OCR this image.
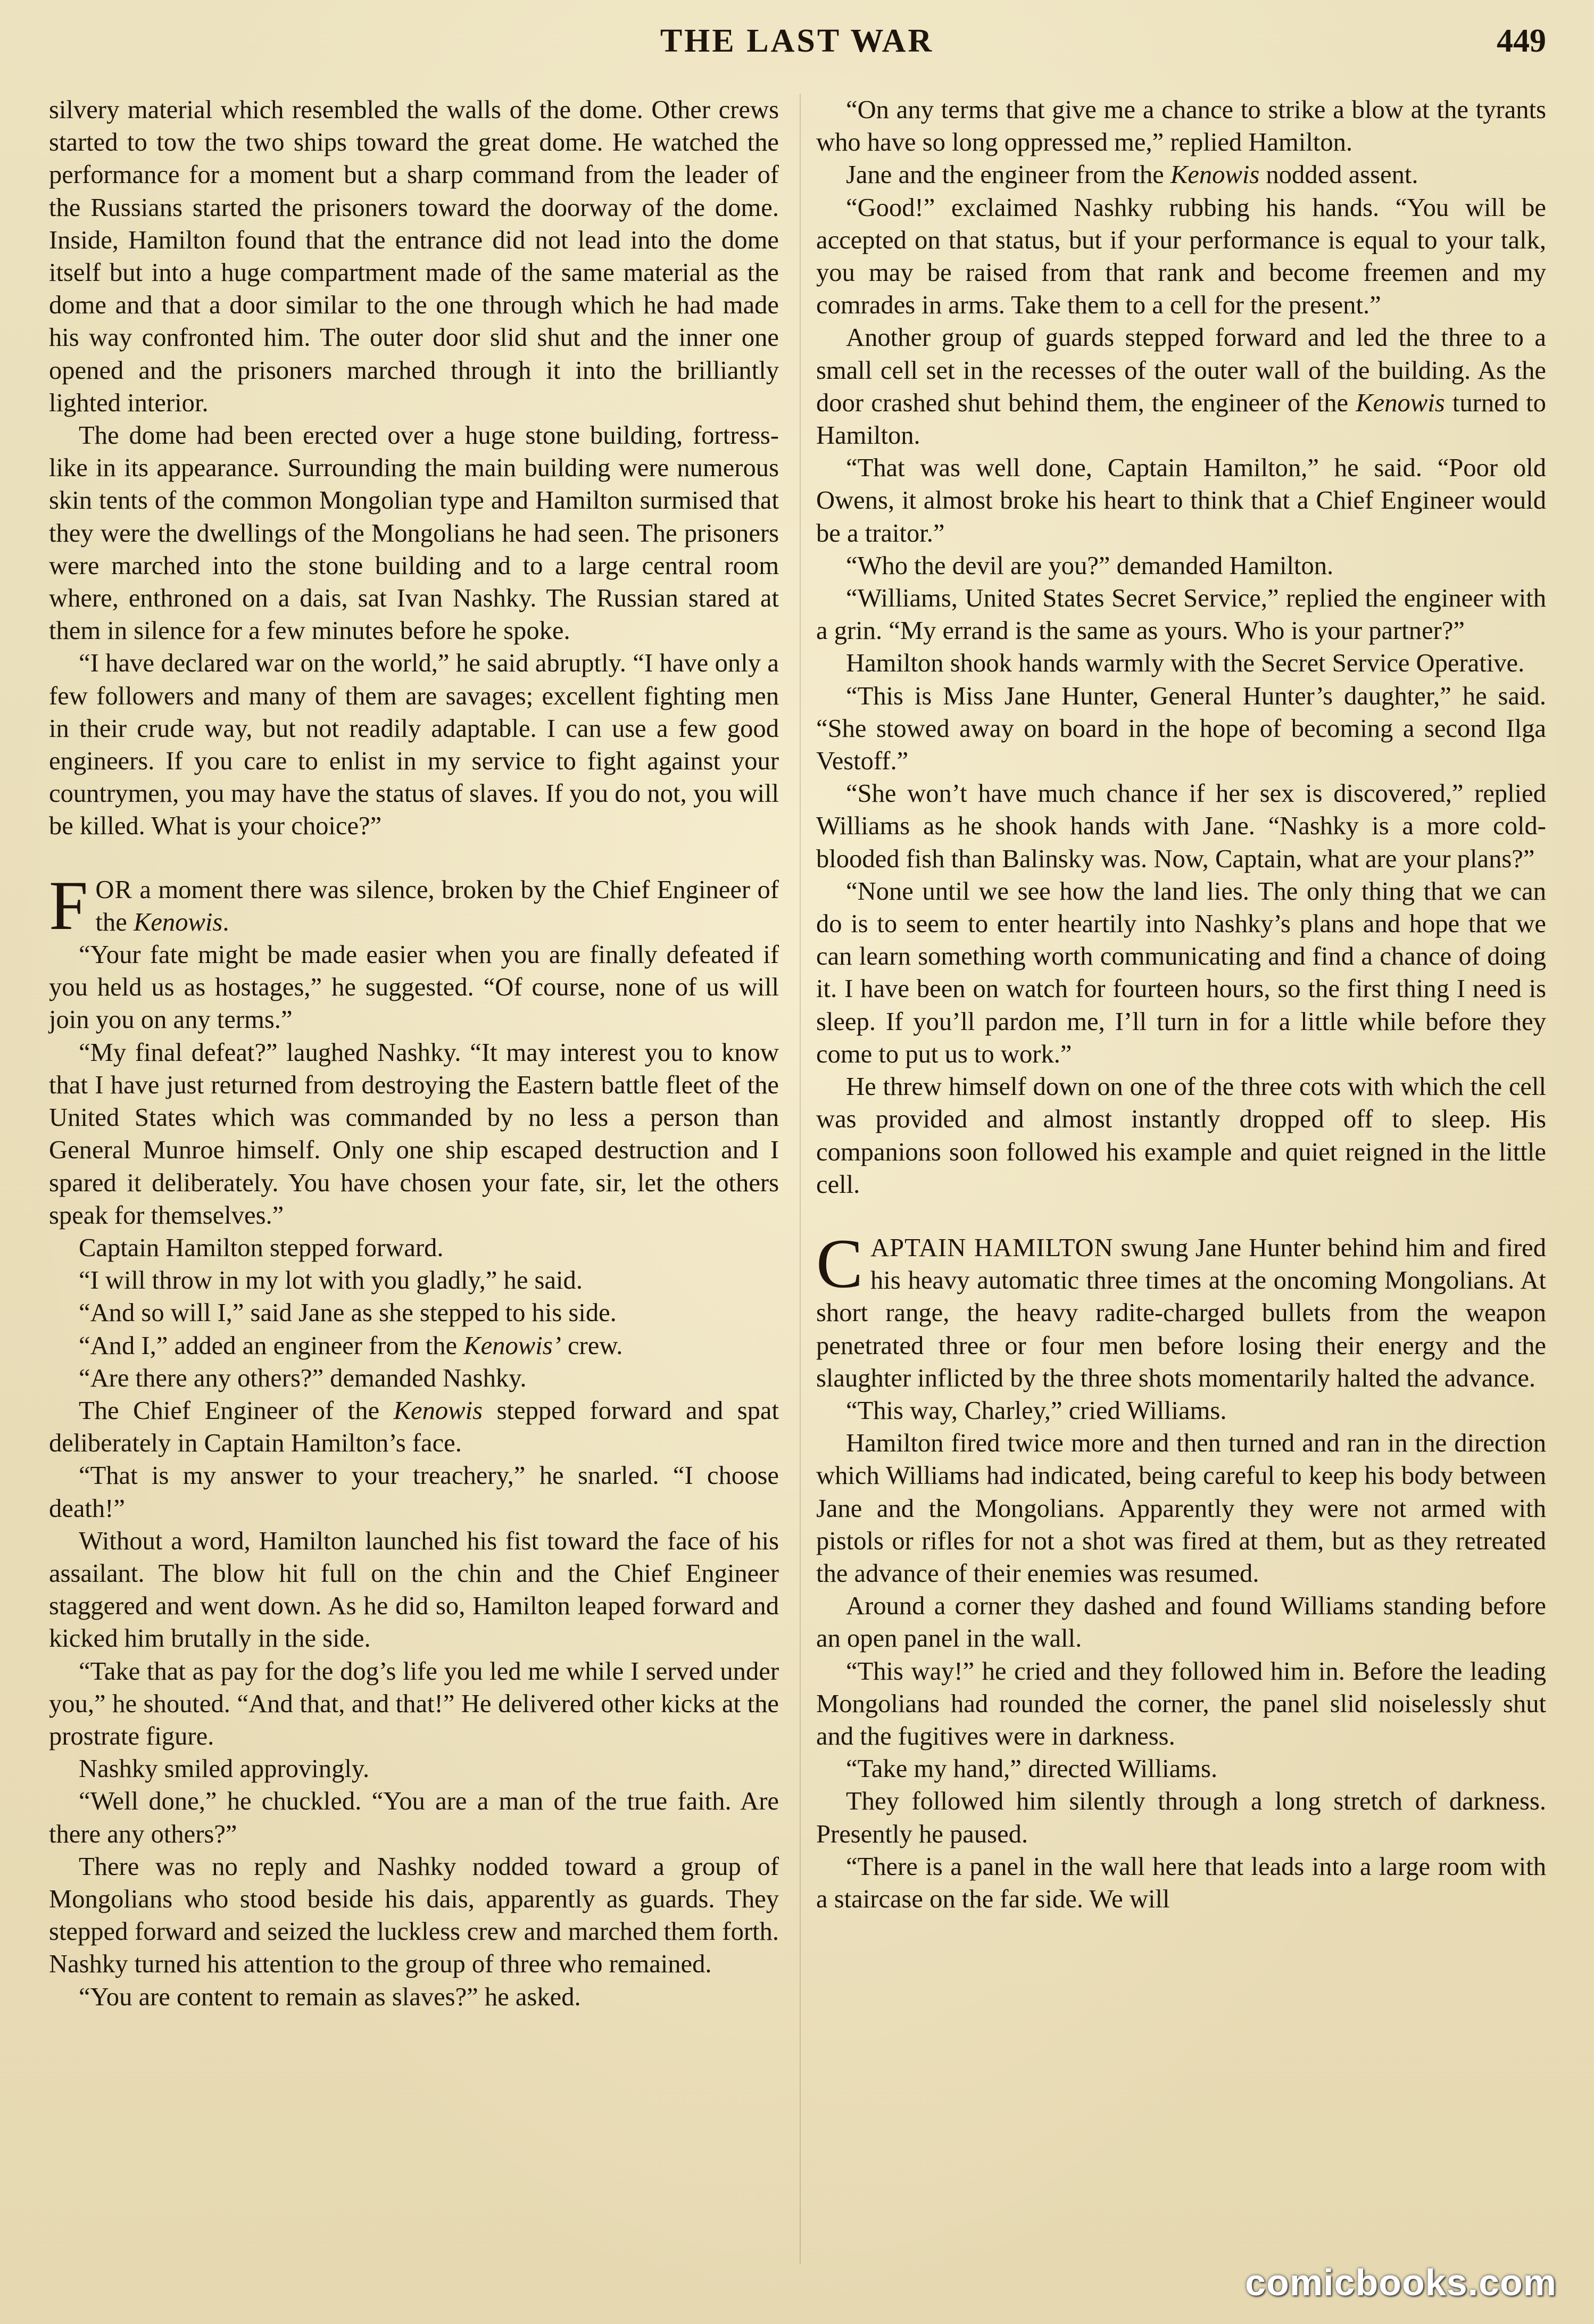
THE LAST WAR	449

silvery material which resembled the walls of the dome. Other crews started to tow the two ships toward the great dome. He watched the performance for a moment but a sharp command from the leader of the Russians started the prisoners toward the doorway of the dome. Inside, Hamilton found that the entrance did not lead into the dome itself but into a huge compartment made of the same material as the dome and that a door similar to the one through which he had made his way confronted him. The outer door slid shut and the inner one opened and the prisoners marched through it into the brilliantly lighted interior.

The dome had been erected over a huge stone building, fortress-like in its appearance. Surrounding the main building were numerous skin tents of the common Mongolian type and Hamilton surmised that they were the dwellings of the Mongolians he had seen. The prisoners were marched into the stone building and to a large central room where, enthroned on a dais, sat Ivan Nashky. The Russian stared at them in silence for a few minutes before he spoke.

“I have declared war on the world,” he said abruptly. “I have only a few followers and many of them are savages; excellent fighting men in their crude way, but not readily adaptable. I can use a few good engineers. If you care to enlist in my service to fight against your countrymen, you may have the status of slaves. If you do not, you will be killed. What is your choice?”

FOR a moment there was silence, broken by the Chief Engineer of the Kenowis.

“Your fate might be made easier when you are finally defeated if you held us as hostages,” he suggested. “Of course, none of us will join you on any terms.”

“My final defeat?” laughed Nashky. “It may interest you to know that I have just returned from destroying the Eastern battle fleet of the United States which was commanded by no less a person than General Munroe himself. Only one ship escaped destruction and I spared it deliberately. You have chosen your fate, sir, let the others speak for themselves.”

Captain Hamilton stepped forward.

“I will throw in my lot with you gladly,” he said.

“And so will I,” said Jane as she stepped to his side.

“And I,” added an engineer from the Kenowis’ crew.

“Are there any others?” demanded Nashky.

The Chief Engineer of the Kenowis stepped forward and spat deliberately in Captain Hamilton’s face.

“That is my answer to your treachery,” he snarled. “I choose death!”

Without a word, Hamilton launched his fist toward the face of his assailant. The blow hit full on the chin and the Chief Engineer staggered and went down. As he did so, Hamilton leaped forward and kicked him brutally in the side.

“Take that as pay for the dog’s life you led me while I served under you,” he shouted. “And that, and that!” He delivered other kicks at the prostrate figure.

Nashky smiled approvingly.

“Well done,” he chuckled. “You are a man of the true faith. Are there any others?”

There was no reply and Nashky nodded toward a group of Mongolians who stood beside his dais, apparently as guards. They stepped forward and seized the luckless crew and marched them forth. Nashky turned his attention to the group of three who remained.

“You are content to remain as slaves?” he asked.

“On any terms that give me a chance to strike a blow at the tyrants who have so long oppressed me,” replied Hamilton.

Jane and the engineer from the Kenowis nodded assent.

“Good!” exclaimed Nashky rubbing his hands. “You will be accepted on that status, but if your performance is equal to your talk, you may be raised from that rank and become freemen and my comrades in arms. Take them to a cell for the present.”

Another group of guards stepped forward and led the three to a small cell set in the recesses of the outer wall of the building. As the door crashed shut behind them, the engineer of the Kenowis turned to Hamilton.

“That was well done, Captain Hamilton,” he said. “Poor old Owens, it almost broke his heart to think that a Chief Engineer would be a traitor.”

“Who the devil are you?” demanded Hamilton.

“Williams, United States Secret Service,” replied the engineer with a grin. “My errand is the same as yours. Who is your partner?”

Hamilton shook hands warmly with the Secret Service Operative.

“This is Miss Jane Hunter, General Hunter’s daughter,” he said. “She stowed away on board in the hope of becoming a second Ilga Vestoff.”

“She won’t have much chance if her sex is discovered,” replied Williams as he shook hands with Jane. “Nashky is a more cold-blooded fish than Balinsky was. Now, Captain, what are your plans?”

“None until we see how the land lies. The only thing that we can do is to seem to enter heartily into Nashky’s plans and hope that we can learn something worth communicating and find a chance of doing it. I have been on watch for fourteen hours, so the first thing I need is sleep. If you’ll pardon me, I’ll turn in for a little while before they come to put us to work.”

He threw himself down on one of the three cots with which the cell was provided and almost instantly dropped off to sleep. His companions soon followed his example and quiet reigned in the little cell.

CAPTAIN HAMILTON swung Jane Hunter behind him and fired his heavy automatic three times at the oncoming Mongolians. At short range, the heavy radite-charged bullets from the weapon penetrated three or four men before losing their energy and the slaughter inflicted by the three shots momentarily halted the advance.

“This way, Charley,” cried Williams.

Hamilton fired twice more and then turned and ran in the direction which Williams had indicated, being careful to keep his body between Jane and the Mongolians. Apparently they were not armed with pistols or rifles for not a shot was fired at them, but as they retreated the advance of their enemies was resumed.

Around a corner they dashed and found Williams standing before an open panel in the wall.

“This way!” he cried and they followed him in. Before the leading Mongolians had rounded the corner, the panel slid noiselessly shut and the fugitives were in darkness.

“Take my hand,” directed Williams.

They followed him silently through a long stretch of darkness. Presently he paused.

“There is a panel in the wall here that leads into a large room with a staircase on the far side. We will

comicbooks.com
